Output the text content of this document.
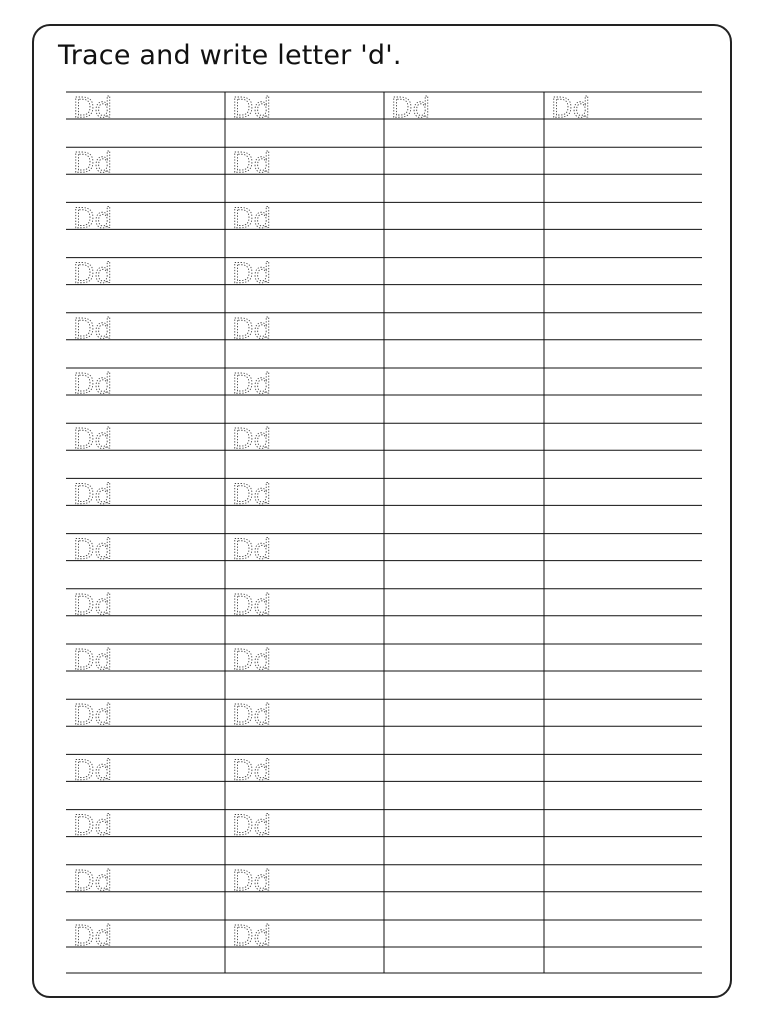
Trace and write letter 'd'.
Dd	Dd	Dd	Dd
Dd	Dd
Dd	Dd
Dd	Dd
Dd	Dd
Dd	Dd
Dd	Dd
Dd	Dd
Dd	Dd
Dd	Dd
Dd	Dd
Dd	Dd
Dd	Dd
Dd	Dd
Dd	Dd
Dd	Dd
